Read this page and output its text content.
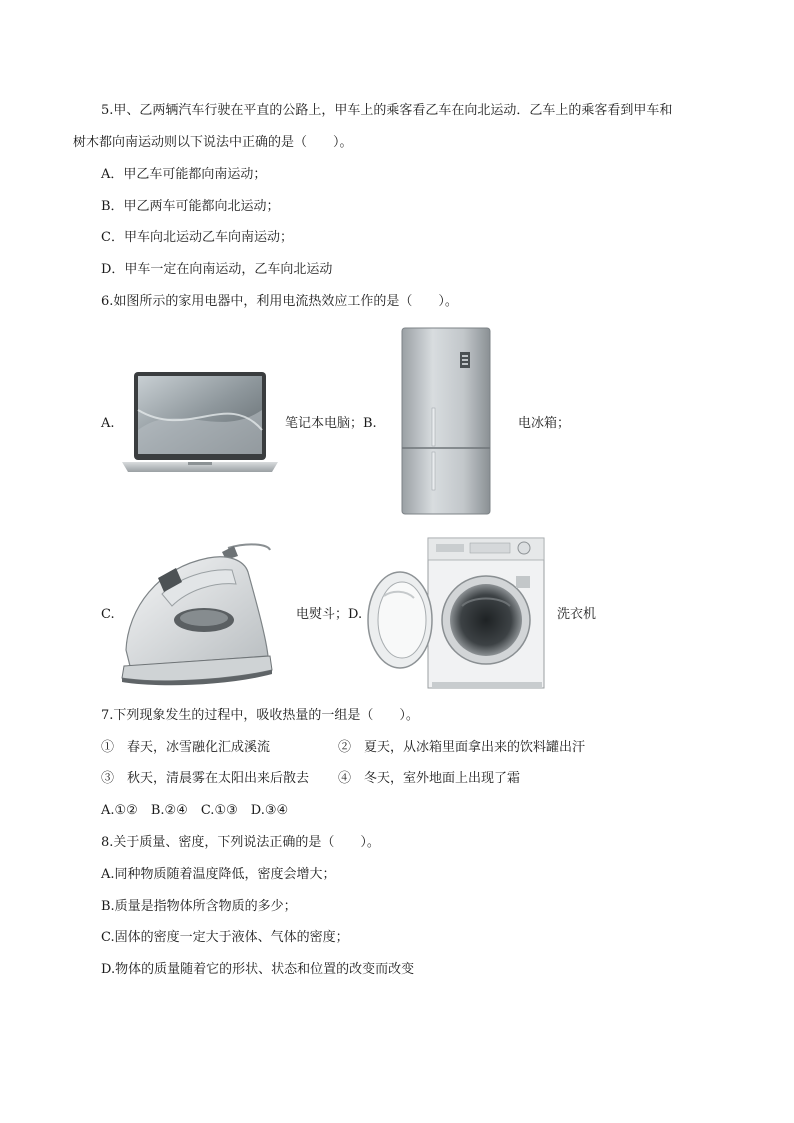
5.甲、乙两辆汽车行驶在平直的公路上，甲车上的乘客看乙车在向北运动．乙车上的乘客看到甲车和
树木都向南运动则以下说法中正确的是（　　）。
A．甲乙车可能都向南运动；
B．甲乙两车可能都向北运动；
C．甲车向北运动乙车向南运动；
D．甲车一定在向南运动，乙车向北运动
6.如图所示的家用电器中，利用电流热效应工作的是（　　）。
A.	笔记本电脑；B.	电冰箱；
C.	电熨斗；D.	洗衣机
7.下列现象发生的过程中，吸收热量的一组是（　　）。
①　春天，冰雪融化汇成溪流	②　夏天，从冰箱里面拿出来的饮料罐出汗
③　秋天，清晨雾在太阳出来后散去 ④　冬天，室外地面上出现了霜
A.①②　B.②④　C.①③　D.③④
8.关于质量、密度，下列说法正确的是（　　）。
A.同种物质随着温度降低，密度会增大；
B.质量是指物体所含物质的多少；
C.固体的密度一定大于液体、气体的密度；
D.物体的质量随着它的形状、状态和位置的改变而改变
